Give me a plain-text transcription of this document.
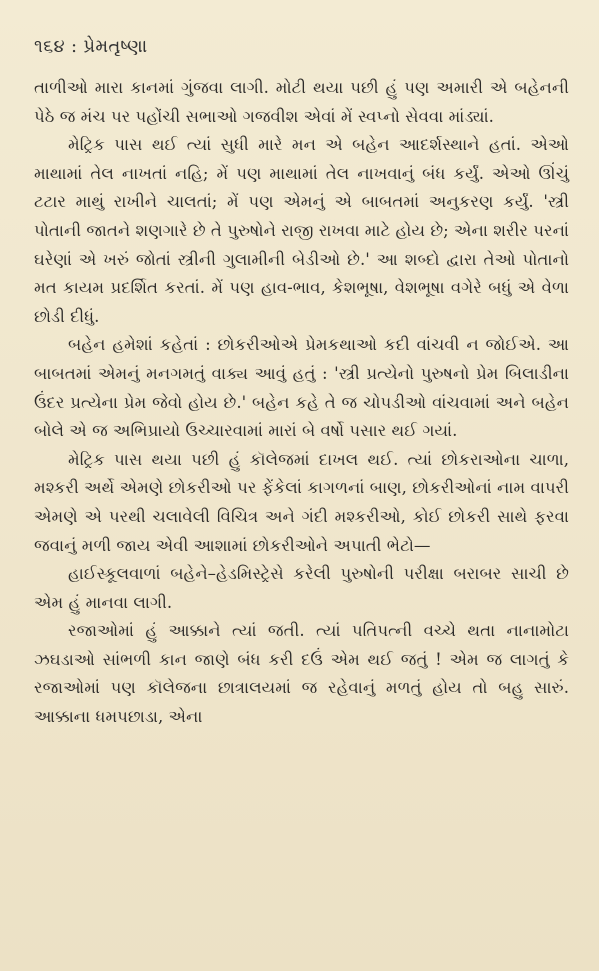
૧૬૪ : પ્રેમતૃષ્ણા

તાળીઓ મારા કાનમાં ગુંજવા લાગી. મોટી થયા પછી હું પણ અમારી એ બહેનની પેઠે જ મંચ પર પહોંચી સભાઓ ગજવીશ એવાં મેં સ્વપ્નો સેવવા માંડ્યાં.

મેટ્રિક પાસ થઈ ત્યાં સુધી મારે મન એ બહેન આદર્શસ્થાને હતાં. એઓ માથામાં તેલ નાખતાં નહિ; મેં પણ માથામાં તેલ નાખવાનું બંધ કર્યું. એઓ ઊંચું ટટાર માથું રાખીને ચાલતાં; મેં પણ એમનું એ બાબતમાં અનુકરણ કર્યું. 'સ્ત્રી પોતાની જાતને શણગારે છે તે પુરુષોને રાજી રાખવા માટે હોય છે; એના શરીર પરનાં ઘરેણાં એ ખરું જોતાં સ્ત્રીની ગુલામીની બેડીઓ છે.' આ શબ્દો દ્વારા તેઓ પોતાનો મત કાયમ પ્રદર્શિત કરતાં. મેં પણ હાવ-ભાવ, કેશભૂષા, વેશભૂષા વગેરે બધું એ વેળા છોડી દીધું.

બહેન હમેશાં કહેતાં : છોકરીઓએ પ્રેમકથાઓ કદી વાંચવી ન જોઈએ. આ બાબતમાં એમનું મનગમતું વાક્ય આવું હતું : 'સ્ત્રી પ્રત્યેનો પુરુષનો પ્રેમ બિલાડીના ઉંદર પ્રત્યેના પ્રેમ જેવો હોય છે.' બહેન કહે તે જ ચોપડીઓ વાંચવામાં અને બહેન બોલે એ જ અભિપ્રાયો ઉચ્ચારવામાં મારાં બે વર્ષો પસાર થઈ ગયાં.

મેટ્રિક પાસ થયા પછી હું કૉલેજમાં દાખલ થઈ. ત્યાં છોકરાઓના ચાળા, મશ્કરી અર્થે એમણે છોકરીઓ પર ફેંકેલાં કાગળનાં બાણ, છોકરીઓનાં નામ વાપરી એમણે એ પરથી ચલાવેલી વિચિત્ર અને ગંદી મશ્કરીઓ, કોઈ છોકરી સાથે ફરવા જવાનું મળી જાય એવી આશામાં છોકરીઓને અપાતી ભેટો—

હાઈસ્કૂલવાળાં બહેને–હેડમિસ્ટ્રેસે કરેલી પુરુષોની પરીક્ષા બરાબર સાચી છે એમ હું માનવા લાગી.

રજાઓમાં હું આક્કાને ત્યાં જતી. ત્યાં પતિપત્ની વચ્ચે થતા નાનામોટા ઝઘડાઓ સાંભળી કાન જાણે બંધ કરી દઉં એમ થઈ જતું ! એમ જ લાગતું કે રજાઓમાં પણ કૉલેજના છાત્રાલયમાં જ રહેવાનું મળતું હોય તો બહુ સારું. આક્કાના ધમપછાડા, એના
